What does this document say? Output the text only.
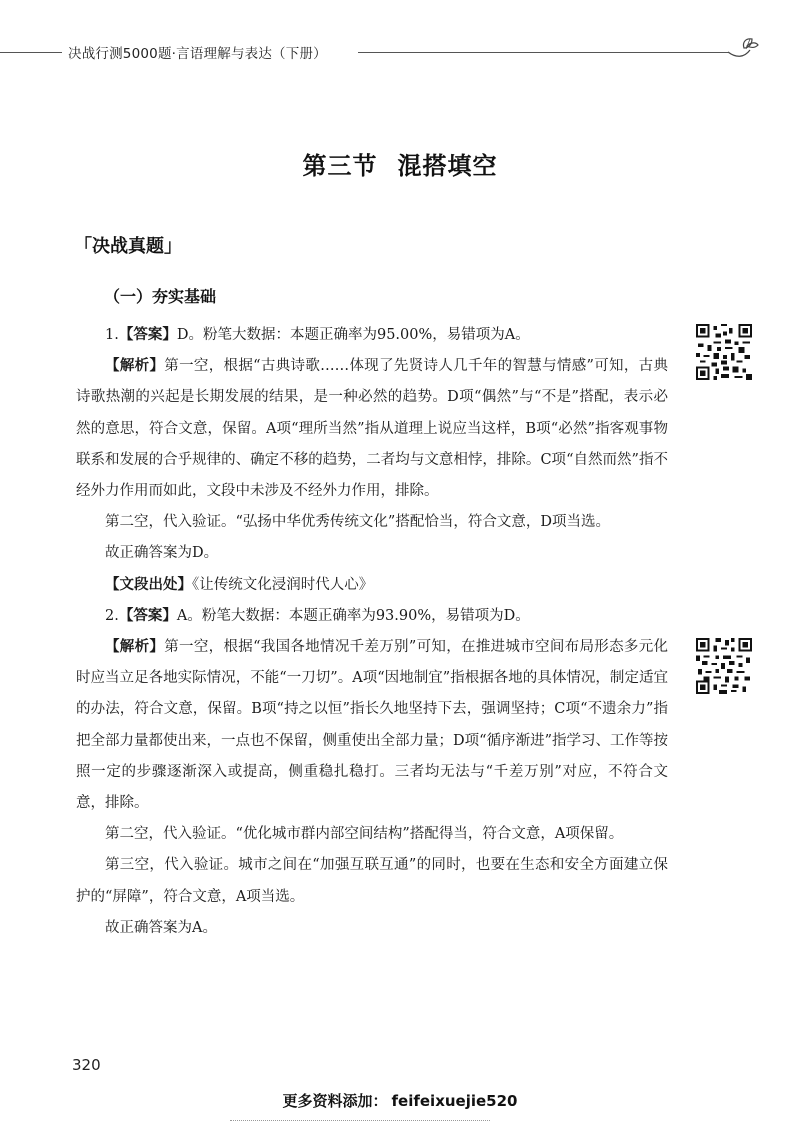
决战行测5000题·言语理解与表达（下册）
第三节 混搭填空
「决战真题」
（一）夯实基础

1.【答案】D。粉笔大数据：本题正确率为95.00%，易错项为A。

【解析】第一空，根据“古典诗歌……体现了先贤诗人几千年的智慧与情感”可知，古典诗歌热潮的兴起是长期发展的结果，是一种必然的趋势。D项“偶然”与“不是”搭配，表示必然的意思，符合文意，保留。A项“理所当然”指从道理上说应当这样，B项“必然”指客观事物联系和发展的合乎规律的、确定不移的趋势，二者均与文意相悖，排除。C项“自然而然”指不经外力作用而如此，文段中未涉及不经外力作用，排除。

第二空，代入验证。“弘扬中华优秀传统文化”搭配恰当，符合文意，D项当选。

故正确答案为D。

【文段出处】《让传统文化浸润时代人心》

2.【答案】A。粉笔大数据：本题正确率为93.90%，易错项为D。

【解析】第一空，根据“我国各地情况千差万别”可知，在推进城市空间布局形态多元化时应当立足各地实际情况，不能“一刀切”。A项“因地制宜”指根据各地的具体情况，制定适宜的办法，符合文意，保留。B项“持之以恒”指长久地坚持下去，强调坚持；C项“不遗余力”指把全部力量都使出来，一点也不保留，侧重使出全部力量；D项“循序渐进”指学习、工作等按照一定的步骤逐渐深入或提高，侧重稳扎稳打。三者均无法与“千差万别”对应，不符合文意，排除。

第二空，代入验证。“优化城市群内部空间结构”搭配得当，符合文意，A项保留。

第三空，代入验证。城市之间在“加强互联互通”的同时，也要在生态和安全方面建立保护的“屏障”，符合文意，A项当选。

故正确答案为A。

320
更多资料添加： feifeixuejie520
